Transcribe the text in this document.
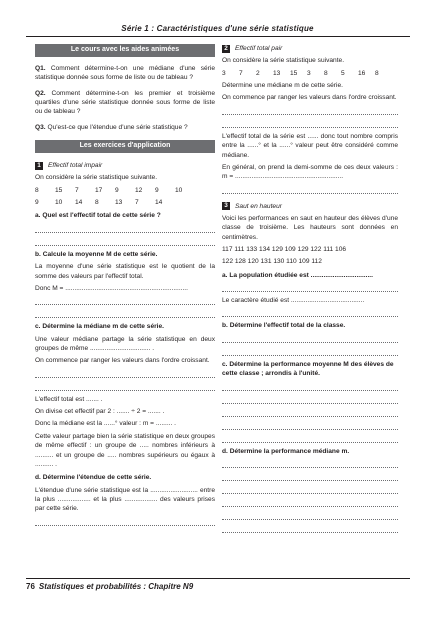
Série 1 : Caractéristiques d'une série statistique
Le cours avec les aides animées

Q1. Comment détermine-t-on une médiane d'une série statistique donnée sous forme de liste ou de tableau ?

Q2. Comment détermine-t-on les premier et troisième quartiles d'une série statistique donnée sous forme de liste ou de tableau ?

Q3. Qu'est-ce que l'étendue d'une série statistique ?

Les exercices d'application
1	Effectif total impair

On considère la série statistique suivante.

8	15	7	17	9	12	9	10
9	10	14	8	13	7	14

a. Quel est l'effectif total de cette série ?

b. Calcule la moyenne M de cette série.

La moyenne d'une série statistique est le quotient de la somme des valeurs par l'effectif total.

Donc M = ...................................................................

c. Détermine la médiane m de cette série.

Une valeur médiane partage la série statistique en deux groupes de même ................................. .

On commence par ranger les valeurs dans l'ordre croissant.

L'effectif total est ....... .

On divise cet effectif par 2 : ....... ÷ 2 = ....... .

Donc la médiane est la ......° valeur : m = ......... .

Cette valeur partage bien la série statistique en deux groupes de même effectif : un groupe de ..... nombres inférieurs à .......... et un groupe de ..... nombres supérieurs ou égaux à .......... .

d. Détermine l'étendue de cette série.

L'étendue d'une série statistique est la .......................... entre la plus .................. et la plus .................. des valeurs prises par cette série.

2	Effectif total pair

On considère la série statistique suivante.

3	7	2	13	15	3	8	5	16	8

Détermine une médiane m de cette série.

On commence par ranger les valeurs dans l'ordre croissant.

L'effectif total de la série est ...... donc tout nombre compris entre la ......° et la ......° valeur peut être considéré comme médiane.

En général, on prend la demi-somme de ces deux valeurs : m = ...........................................................

3	Saut en hauteur

Voici les performances en saut en hauteur des élèves d'une classe de troisième. Les hauteurs sont données en centimètres.

117 111 133 134 129 109 129 122 111 106

122 128 120 131 130 110 109 112

a. La population étudiée est ..................................

Le caractère étudié est ........................................

b. Détermine l'effectif total de la classe.

c. Détermine la performance moyenne M des élèves de cette classe ; arrondis à l'unité.

d. Détermine la performance médiane m.

76 Statistiques et probabilités : Chapitre N9
